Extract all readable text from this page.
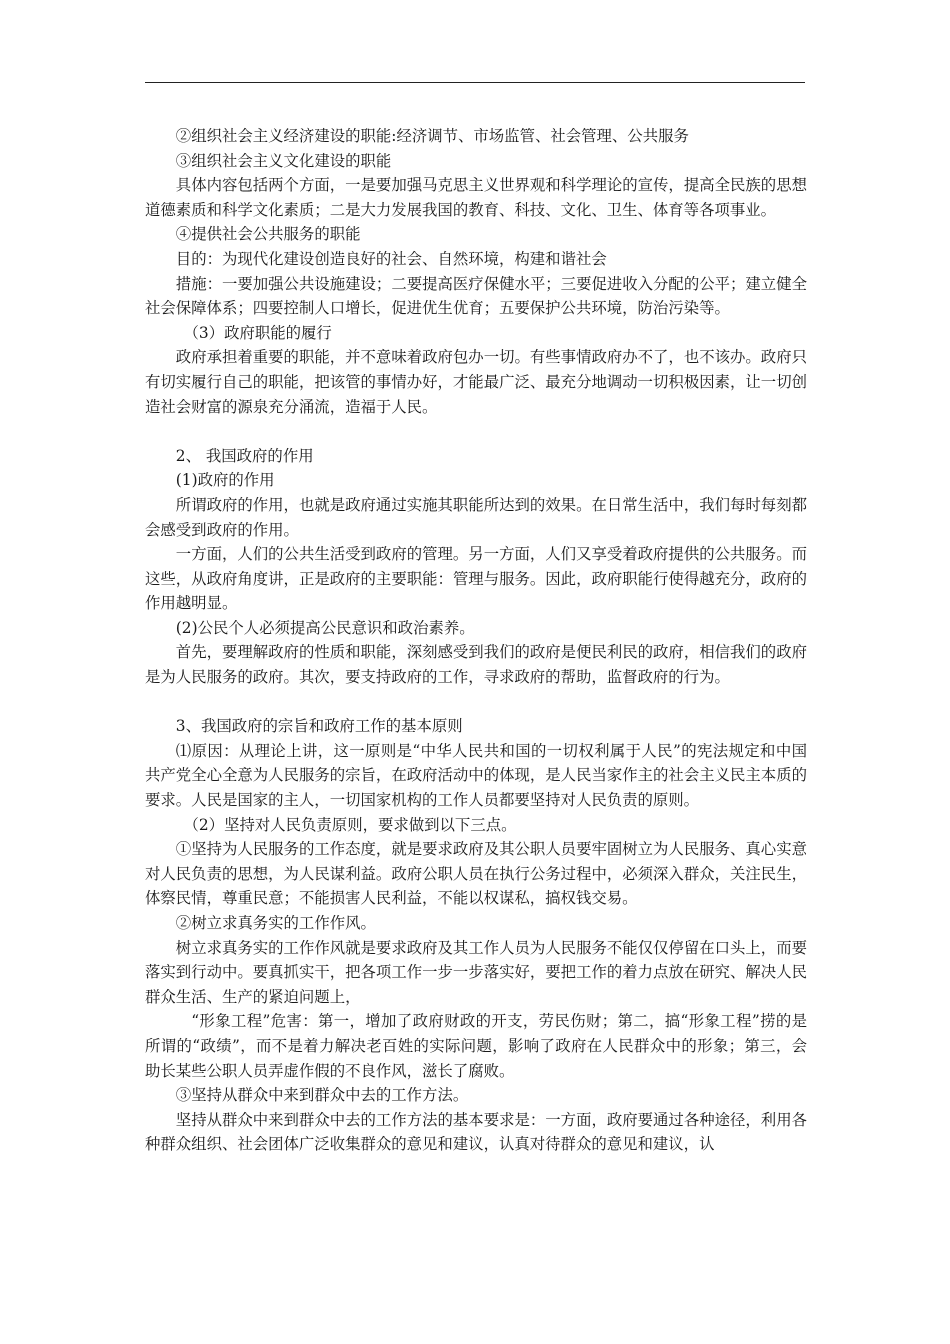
②组织社会主义经济建设的职能:经济调节、市场监管、社会管理、公共服务

③组织社会主义文化建设的职能

具体内容包括两个方面，一是要加强马克思主义世界观和科学理论的宣传，提高全民族的思想道德素质和科学文化素质；二是大力发展我国的教育、科技、文化、卫生、体育等各项事业。

④提供社会公共服务的职能

目的：为现代化建设创造良好的社会、自然环境，构建和谐社会

措施：一要加强公共设施建设；二要提高医疗保健水平；三要促进收入分配的公平；建立健全社会保障体系；四要控制人口增长，促进优生优育；五要保护公共环境，防治污染等。

（3）政府职能的履行

政府承担着重要的职能，并不意味着政府包办一切。有些事情政府办不了，也不该办。政府只有切实履行自己的职能，把该管的事情办好，才能最广泛、最充分地调动一切积极因素，让一切创造社会财富的源泉充分涌流，造福于人民。

2、 我国政府的作用

(1)政府的作用

所谓政府的作用，也就是政府通过实施其职能所达到的效果。在日常生活中，我们每时每刻都会感受到政府的作用。

一方面，人们的公共生活受到政府的管理。另一方面，人们又享受着政府提供的公共服务。而这些，从政府角度讲，正是政府的主要职能：管理与服务。因此，政府职能行使得越充分，政府的作用越明显。

(2)公民个人必须提高公民意识和政治素养。

首先，要理解政府的性质和职能，深刻感受到我们的政府是便民利民的政府，相信我们的政府是为人民服务的政府。其次，要支持政府的工作，寻求政府的帮助，监督政府的行为。

3、我国政府的宗旨和政府工作的基本原则

⑴原因：从理论上讲，这一原则是“中华人民共和国的一切权利属于人民”的宪法规定和中国共产党全心全意为人民服务的宗旨，在政府活动中的体现，是人民当家作主的社会主义民主本质的要求。人民是国家的主人，一切国家机构的工作人员都要坚持对人民负责的原则。

（2）坚持对人民负责原则，要求做到以下三点。

①坚持为人民服务的工作态度，就是要求政府及其公职人员要牢固树立为人民服务、真心实意对人民负责的思想，为人民谋利益。政府公职人员在执行公务过程中，必须深入群众，关注民生，体察民情，尊重民意；不能损害人民利益，不能以权谋私，搞权钱交易。

②树立求真务实的工作作风。

树立求真务实的工作作风就是要求政府及其工作人员为人民服务不能仅仅停留在口头上，而要落实到行动中。要真抓实干，把各项工作一步一步落实好，要把工作的着力点放在研究、解决人民群众生活、生产的紧迫问题上，

“形象工程”危害：第一，增加了政府财政的开支，劳民伤财；第二，搞“形象工程”捞的是所谓的“政绩”，而不是着力解决老百姓的实际问题，影响了政府在人民群众中的形象；第三，会助长某些公职人员弄虚作假的不良作风，滋长了腐败。

③坚持从群众中来到群众中去的工作方法。

坚持从群众中来到群众中去的工作方法的基本要求是：一方面，政府要通过各种途径，利用各种群众组织、社会团体广泛收集群众的意见和建议，认真对待群众的意见和建议，认
